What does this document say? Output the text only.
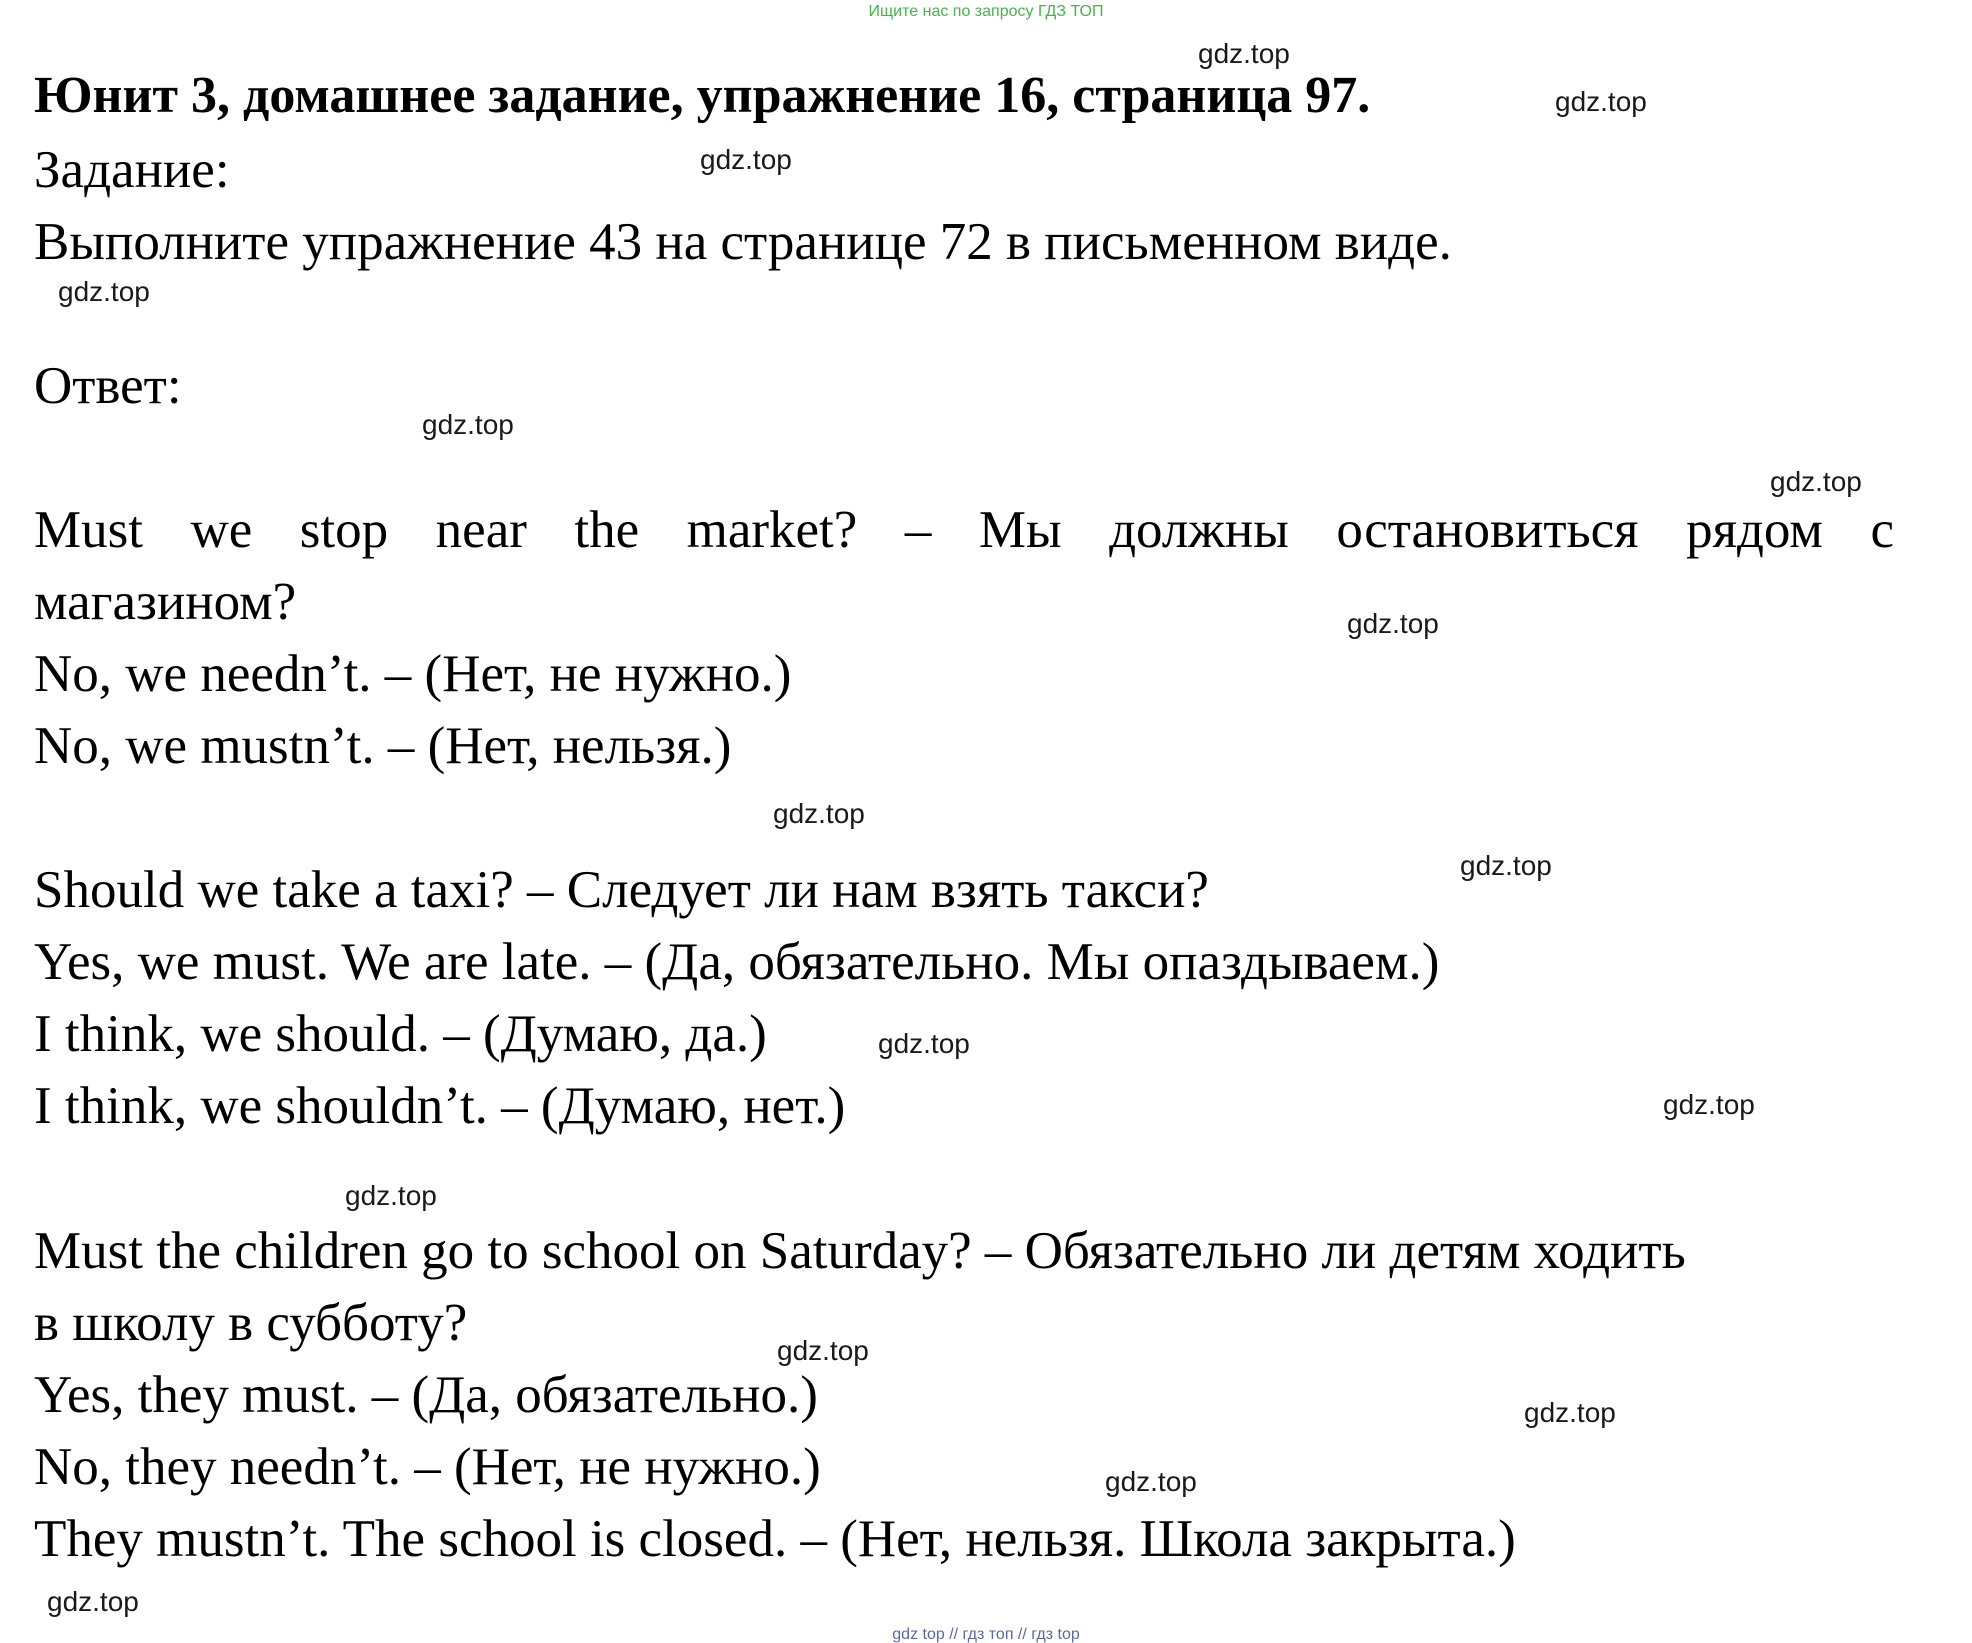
Ищите нас по запросу ГДЗ ТОП
Юнит 3, домашнее задание, упражнение 16, страница 97.
Задание:
Выполните упражнение 43 на странице 72 в письменном виде.
Ответ:
Must we stop near the market? – Мы должны остановиться рядом с
магазином?
No, we needn’t. – (Нет, не нужно.)
No, we mustn’t. – (Нет, нельзя.)
Should we take a taxi? – Следует ли нам взять такси?
Yes, we must. We are late. – (Да, обязательно. Мы опаздываем.)
I think, we should. – (Думаю, да.)
I think, we shouldn’t. – (Думаю, нет.)
Must the children go to school on Saturday? – Обязательно ли детям ходить
в школу в субботу?
Yes, they must. – (Да, обязательно.)
No, they needn’t. – (Нет, не нужно.)
They mustn’t. The school is closed. – (Нет, нельзя. Школа закрыта.)
gdz.top
gdz.top
gdz.top
gdz.top
gdz.top
gdz.top
gdz.top
gdz.top
gdz.top
gdz.top
gdz.top
gdz.top
gdz.top
gdz.top
gdz.top
gdz.top
gdz top // гдз топ // гдз top
